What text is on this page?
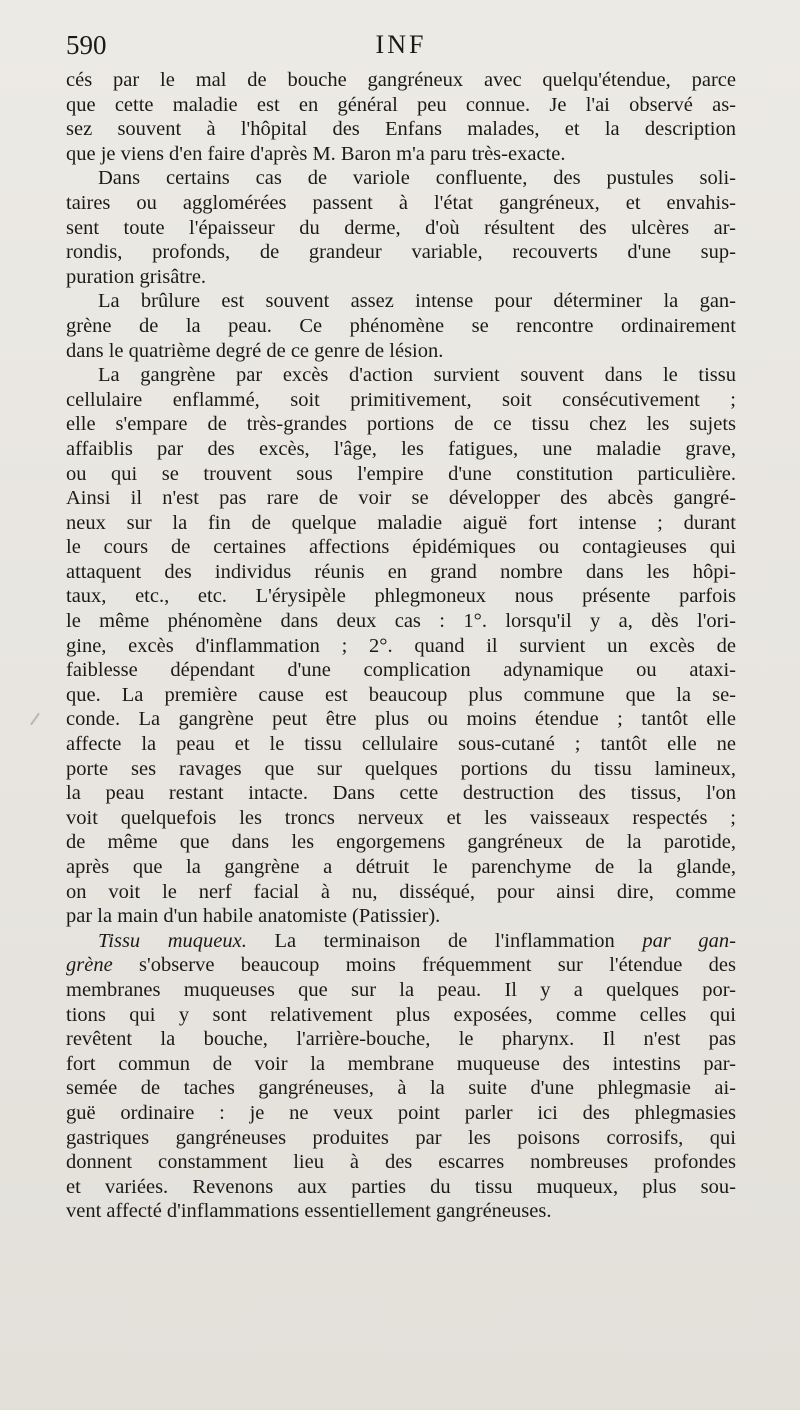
590	INF
cés par le mal de bouche gangréneux avec quelqu'étendue, parce
que cette maladie est en général peu connue. Je l'ai observé as-
sez souvent à l'hôpital des Enfans malades, et la description
que je viens d'en faire d'après M. Baron m'a paru très-exacte.
Dans certains cas de variole confluente, des pustules soli-
taires ou agglomérées passent à l'état gangréneux, et envahis-
sent toute l'épaisseur du derme, d'où résultent des ulcères ar-
rondis, profonds, de grandeur variable, recouverts d'une sup-
puration grisâtre.
La brûlure est souvent assez intense pour déterminer la gan-
grène de la peau. Ce phénomène se rencontre ordinairement
dans le quatrième degré de ce genre de lésion.
La gangrène par excès d'action survient souvent dans le tissu
cellulaire enflammé, soit primitivement, soit consécutivement ;
elle s'empare de très-grandes portions de ce tissu chez les sujets
affaiblis par des excès, l'âge, les fatigues, une maladie grave,
ou qui se trouvent sous l'empire d'une constitution particulière.
Ainsi il n'est pas rare de voir se développer des abcès gangré-
neux sur la fin de quelque maladie aiguë fort intense ; durant
le cours de certaines affections épidémiques ou contagieuses qui
attaquent des individus réunis en grand nombre dans les hôpi-
taux, etc., etc. L'érysipèle phlegmoneux nous présente parfois
le même phénomène dans deux cas : 1°. lorsqu'il y a, dès l'ori-
gine, excès d'inflammation ; 2°. quand il survient un excès de
faiblesse dépendant d'une complication adynamique ou ataxi-
que. La première cause est beaucoup plus commune que la se-
conde. La gangrène peut être plus ou moins étendue ; tantôt elle
affecte la peau et le tissu cellulaire sous-cutané ; tantôt elle ne
porte ses ravages que sur quelques portions du tissu lamineux,
la peau restant intacte. Dans cette destruction des tissus, l'on
voit quelquefois les troncs nerveux et les vaisseaux respectés ;
de même que dans les engorgemens gangréneux de la parotide,
après que la gangrène a détruit le parenchyme de la glande,
on voit le nerf facial à nu, disséqué, pour ainsi dire, comme
par la main d'un habile anatomiste (Patissier).
Tissu muqueux. La terminaison de l'inflammation par gan-
grène s'observe beaucoup moins fréquemment sur l'étendue des
membranes muqueuses que sur la peau. Il y a quelques por-
tions qui y sont relativement plus exposées, comme celles qui
revêtent la bouche, l'arrière-bouche, le pharynx. Il n'est pas
fort commun de voir la membrane muqueuse des intestins par-
semée de taches gangréneuses, à la suite d'une phlegmasie ai-
guë ordinaire : je ne veux point parler ici des phlegmasies
gastriques gangréneuses produites par les poisons corrosifs, qui
donnent constamment lieu à des escarres nombreuses profondes
et variées. Revenons aux parties du tissu muqueux, plus sou-
vent affecté d'inflammations essentiellement gangréneuses.
